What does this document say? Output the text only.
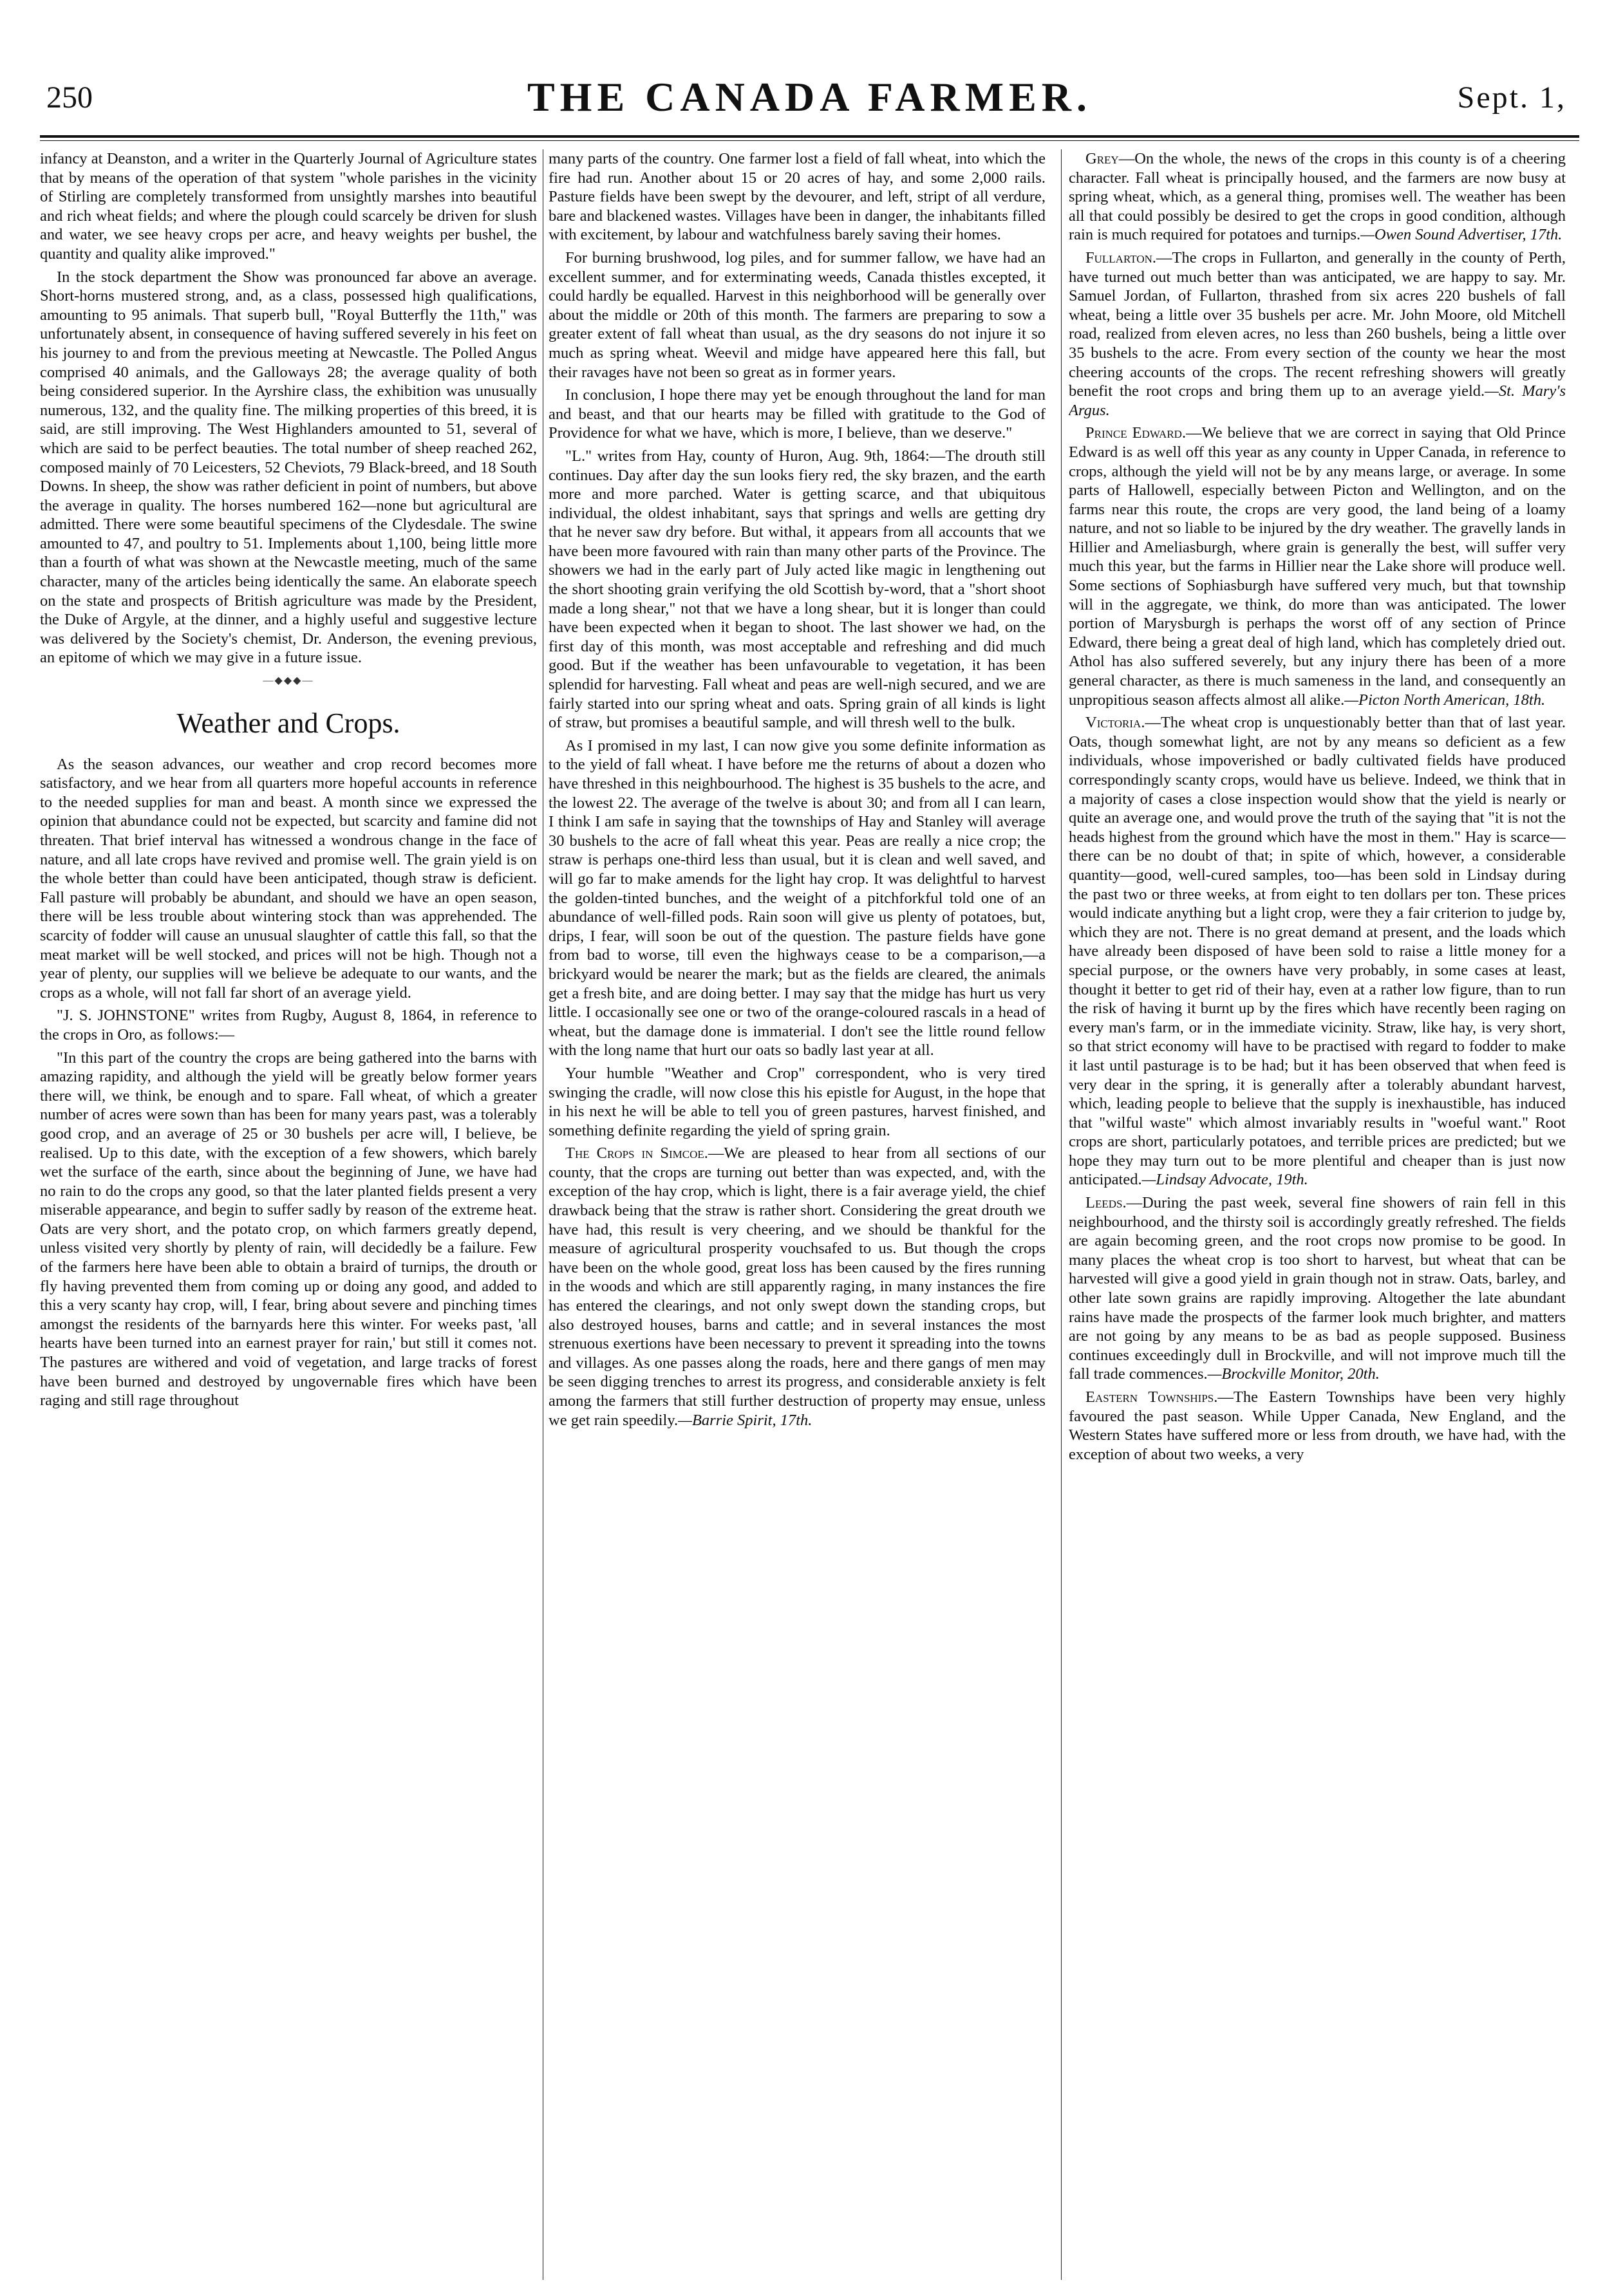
250	THE CANADA FARMER.	Sept. 1,

infancy at Deanston, and a writer in the Quarterly Journal of Agriculture states that by means of the operation of that system "whole parishes in the vicinity of Stirling are completely transformed from unsightly marshes into beautiful and rich wheat fields; and where the plough could scarcely be driven for slush and water, we see heavy crops per acre, and heavy weights per bushel, the quantity and quality alike improved."

In the stock department the Show was pronounced far above an average. Short-horns mustered strong, and, as a class, possessed high qualifications, amounting to 95 animals. That superb bull, "Royal Butterfly the 11th," was unfortunately absent, in consequence of having suffered severely in his feet on his journey to and from the previous meeting at Newcastle. The Polled Angus comprised 40 animals, and the Galloways 28; the average quality of both being considered superior. In the Ayrshire class, the exhibition was unusually numerous, 132, and the quality fine. The milking properties of this breed, it is said, are still improving. The West Highlanders amounted to 51, several of which are said to be perfect beauties. The total number of sheep reached 262, composed mainly of 70 Leicesters, 52 Cheviots, 79 Black-breed, and 18 South Downs. In sheep, the show was rather deficient in point of numbers, but above the average in quality. The horses numbered 162—none but agricultural are admitted. There were some beautiful specimens of the Clydesdale. The swine amounted to 47, and poultry to 51. Implements about 1,100, being little more than a fourth of what was shown at the Newcastle meeting, much of the same character, many of the articles being identically the same. An elaborate speech on the state and prospects of British agriculture was made by the President, the Duke of Argyle, at the dinner, and a highly useful and suggestive lecture was delivered by the Society's chemist, Dr. Anderson, the evening previous, an epitome of which we may give in a future issue.

—◆◆◆—
Weather and Crops.

As the season advances, our weather and crop record becomes more satisfactory, and we hear from all quarters more hopeful accounts in reference to the needed supplies for man and beast. A month since we expressed the opinion that abundance could not be expected, but scarcity and famine did not threaten. That brief interval has witnessed a wondrous change in the face of nature, and all late crops have revived and promise well. The grain yield is on the whole better than could have been anticipated, though straw is deficient. Fall pasture will probably be abundant, and should we have an open season, there will be less trouble about wintering stock than was apprehended. The scarcity of fodder will cause an unusual slaughter of cattle this fall, so that the meat market will be well stocked, and prices will not be high. Though not a year of plenty, our supplies will we believe be adequate to our wants, and the crops as a whole, will not fall far short of an average yield.

"J. S. JOHNSTONE" writes from Rugby, August 8, 1864, in reference to the crops in Oro, as follows:—

"In this part of the country the crops are being gathered into the barns with amazing rapidity, and although the yield will be greatly below former years there will, we think, be enough and to spare. Fall wheat, of which a greater number of acres were sown than has been for many years past, was a tolerably good crop, and an average of 25 or 30 bushels per acre will, I believe, be realised. Up to this date, with the exception of a few showers, which barely wet the surface of the earth, since about the beginning of June, we have had no rain to do the crops any good, so that the later planted fields present a very miserable appearance, and begin to suffer sadly by reason of the extreme heat. Oats are very short, and the potato crop, on which farmers greatly depend, unless visited very shortly by plenty of rain, will decidedly be a failure. Few of the farmers here have been able to obtain a braird of turnips, the drouth or fly having prevented them from coming up or doing any good, and added to this a very scanty hay crop, will, I fear, bring about severe and pinching times amongst the residents of the barnyards here this winter. For weeks past, 'all hearts have been turned into an earnest prayer for rain,' but still it comes not. The pastures are withered and void of vegetation, and large tracks of forest have been burned and destroyed by ungovernable fires which have been raging and still rage throughout

many parts of the country. One farmer lost a field of fall wheat, into which the fire had run. Another about 15 or 20 acres of hay, and some 2,000 rails. Pasture fields have been swept by the devourer, and left, stript of all verdure, bare and blackened wastes. Villages have been in danger, the inhabitants filled with excitement, by labour and watchfulness barely saving their homes.

For burning brushwood, log piles, and for summer fallow, we have had an excellent summer, and for exterminating weeds, Canada thistles excepted, it could hardly be equalled. Harvest in this neighborhood will be generally over about the middle or 20th of this month. The farmers are preparing to sow a greater extent of fall wheat than usual, as the dry seasons do not injure it so much as spring wheat. Weevil and midge have appeared here this fall, but their ravages have not been so great as in former years.

In conclusion, I hope there may yet be enough throughout the land for man and beast, and that our hearts may be filled with gratitude to the God of Providence for what we have, which is more, I believe, than we deserve."

"L." writes from Hay, county of Huron, Aug. 9th, 1864:—The drouth still continues. Day after day the sun looks fiery red, the sky brazen, and the earth more and more parched. Water is getting scarce, and that ubiquitous individual, the oldest inhabitant, says that springs and wells are getting dry that he never saw dry before. But withal, it appears from all accounts that we have been more favoured with rain than many other parts of the Province. The showers we had in the early part of July acted like magic in lengthening out the short shooting grain verifying the old Scottish by-word, that a "short shoot made a long shear," not that we have a long shear, but it is longer than could have been expected when it began to shoot. The last shower we had, on the first day of this month, was most acceptable and refreshing and did much good. But if the weather has been unfavourable to vegetation, it has been splendid for harvesting. Fall wheat and peas are well-nigh secured, and we are fairly started into our spring wheat and oats. Spring grain of all kinds is light of straw, but promises a beautiful sample, and will thresh well to the bulk.

As I promised in my last, I can now give you some definite information as to the yield of fall wheat. I have before me the returns of about a dozen who have threshed in this neighbourhood. The highest is 35 bushels to the acre, and the lowest 22. The average of the twelve is about 30; and from all I can learn, I think I am safe in saying that the townships of Hay and Stanley will average 30 bushels to the acre of fall wheat this year. Peas are really a nice crop; the straw is perhaps one-third less than usual, but it is clean and well saved, and will go far to make amends for the light hay crop. It was delightful to harvest the golden-tinted bunches, and the weight of a pitchforkful told one of an abundance of well-filled pods. Rain soon will give us plenty of potatoes, but, drips, I fear, will soon be out of the question. The pasture fields have gone from bad to worse, till even the highways cease to be a comparison,—a brickyard would be nearer the mark; but as the fields are cleared, the animals get a fresh bite, and are doing better. I may say that the midge has hurt us very little. I occasionally see one or two of the orange-coloured rascals in a head of wheat, but the damage done is immaterial. I don't see the little round fellow with the long name that hurt our oats so badly last year at all.

Your humble "Weather and Crop" correspondent, who is very tired swinging the cradle, will now close this his epistle for August, in the hope that in his next he will be able to tell you of green pastures, harvest finished, and something definite regarding the yield of spring grain.

The Crops in Simcoe.—We are pleased to hear from all sections of our county, that the crops are turning out better than was expected, and, with the exception of the hay crop, which is light, there is a fair average yield, the chief drawback being that the straw is rather short. Considering the great drouth we have had, this result is very cheering, and we should be thankful for the measure of agricultural prosperity vouchsafed to us. But though the crops have been on the whole good, great loss has been caused by the fires running in the woods and which are still apparently raging, in many instances the fire has entered the clearings, and not only swept down the standing crops, but also destroyed houses, barns and cattle; and in several instances the most strenuous exertions have been necessary to prevent it spreading into the towns and villages. As one passes along the roads, here and there gangs of men may be seen digging trenches to arrest its progress, and considerable anxiety is felt among the farmers that still further destruction of property may ensue, unless we get rain speedily.—Barrie Spirit, 17th.

Grey—On the whole, the news of the crops in this county is of a cheering character. Fall wheat is principally housed, and the farmers are now busy at spring wheat, which, as a general thing, promises well. The weather has been all that could possibly be desired to get the crops in good condition, although rain is much required for potatoes and turnips.—Owen Sound Advertiser, 17th.

Fullarton.—The crops in Fullarton, and generally in the county of Perth, have turned out much better than was anticipated, we are happy to say. Mr. Samuel Jordan, of Fullarton, thrashed from six acres 220 bushels of fall wheat, being a little over 35 bushels per acre. Mr. John Moore, old Mitchell road, realized from eleven acres, no less than 260 bushels, being a little over 35 bushels to the acre. From every section of the county we hear the most cheering accounts of the crops. The recent refreshing showers will greatly benefit the root crops and bring them up to an average yield.—St. Mary's Argus.

Prince Edward.—We believe that we are correct in saying that Old Prince Edward is as well off this year as any county in Upper Canada, in reference to crops, although the yield will not be by any means large, or average. In some parts of Hallowell, especially between Picton and Wellington, and on the farms near this route, the crops are very good, the land being of a loamy nature, and not so liable to be injured by the dry weather. The gravelly lands in Hillier and Ameliasburgh, where grain is generally the best, will suffer very much this year, but the farms in Hillier near the Lake shore will produce well. Some sections of Sophiasburgh have suffered very much, but that township will in the aggregate, we think, do more than was anticipated. The lower portion of Marysburgh is perhaps the worst off of any section of Prince Edward, there being a great deal of high land, which has completely dried out. Athol has also suffered severely, but any injury there has been of a more general character, as there is much sameness in the land, and consequently an unpropitious season affects almost all alike.—Picton North American, 18th.

Victoria.—The wheat crop is unquestionably better than that of last year. Oats, though somewhat light, are not by any means so deficient as a few individuals, whose impoverished or badly cultivated fields have produced correspondingly scanty crops, would have us believe. Indeed, we think that in a majority of cases a close inspection would show that the yield is nearly or quite an average one, and would prove the truth of the saying that "it is not the heads highest from the ground which have the most in them." Hay is scarce—there can be no doubt of that; in spite of which, however, a considerable quantity—good, well-cured samples, too—has been sold in Lindsay during the past two or three weeks, at from eight to ten dollars per ton. These prices would indicate anything but a light crop, were they a fair criterion to judge by, which they are not. There is no great demand at present, and the loads which have already been disposed of have been sold to raise a little money for a special purpose, or the owners have very probably, in some cases at least, thought it better to get rid of their hay, even at a rather low figure, than to run the risk of having it burnt up by the fires which have recently been raging on every man's farm, or in the immediate vicinity. Straw, like hay, is very short, so that strict economy will have to be practised with regard to fodder to make it last until pasturage is to be had; but it has been observed that when feed is very dear in the spring, it is generally after a tolerably abundant harvest, which, leading people to believe that the supply is inexhaustible, has induced that "wilful waste" which almost invariably results in "woeful want." Root crops are short, particularly potatoes, and terrible prices are predicted; but we hope they may turn out to be more plentiful and cheaper than is just now anticipated.—Lindsay Advocate, 19th.

Leeds.—During the past week, several fine showers of rain fell in this neighbourhood, and the thirsty soil is accordingly greatly refreshed. The fields are again becoming green, and the root crops now promise to be good. In many places the wheat crop is too short to harvest, but wheat that can be harvested will give a good yield in grain though not in straw. Oats, barley, and other late sown grains are rapidly improving. Altogether the late abundant rains have made the prospects of the farmer look much brighter, and matters are not going by any means to be as bad as people supposed. Business continues exceedingly dull in Brockville, and will not improve much till the fall trade commences.—Brockville Monitor, 20th.

Eastern Townships.—The Eastern Townships have been very highly favoured the past season. While Upper Canada, New England, and the Western States have suffered more or less from drouth, we have had, with the exception of about two weeks, a very
